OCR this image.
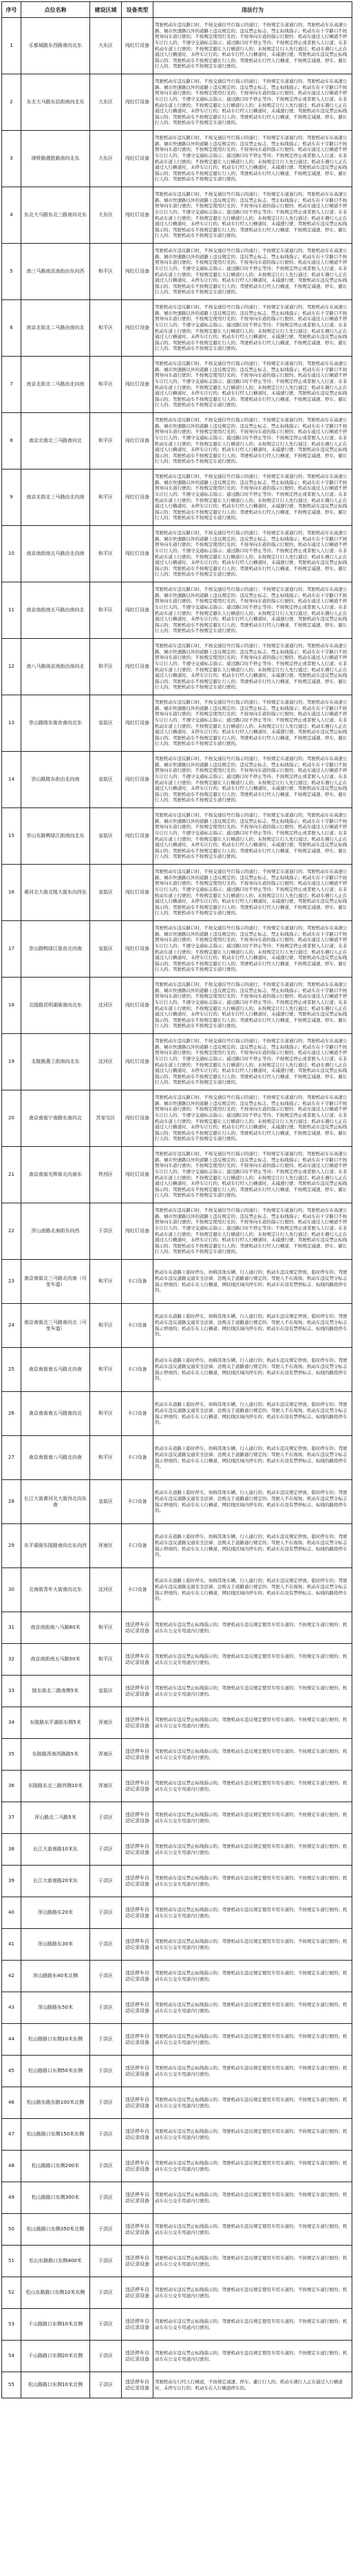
序号	点位名称	建设区域	设备类型	违法行为
1	乐都城路东西路南向北东	大东区	闯红灯设备	驾驶机动车违反路口时，不按交通信号灯指示的通行；不按规定车道通行的；驾驶机动车在高速公路、城市快速路以外的道路上违反规定的；违反禁止标志、禁止标线指示；机动车在十字路口不按照导向车道行驶的；不按规定使用灯光的；不按导向车道的指示行驶的；机动车通过人行横道不停车让行人的；不遵守交通标志指示；通过路口时不停止等待；不按规定停止或者驶入人行道；在非机动车道上行驶的；不按规定避让人行横道行人的；未按规定让行人先行通过；机动车遇行人正在通过人行横道时，未停车让行的；机动车行经人行横道时，未减速行驶；驾驶机动车违反禁止标线指示的；驾驶机动车不按规定避让行人的；驾驶机动车行经人行横道，不按规定减速、停车、避让行人的；驾驶机动车不按规定车道行驶的。
2	东北大马路东站街南向北东	大东区	闯红灯设备	驾驶机动车违反路口时，不按交通信号灯指示的通行；不按规定车道通行的；驾驶机动车在高速公路、城市快速路以外的道路上违反规定的；违反禁止标志、禁止标线指示；机动车在十字路口不按照导向车道行驶的；不按规定使用灯光的；不按导向车道的指示行驶的；机动车通过人行横道不停车让行人的；不遵守交通标志指示；通过路口时不停止等待；不按规定停止或者驶入人行道；在非机动车道上行驶的；不按规定避让人行横道行人的；未按规定让行人先行通过；机动车遇行人正在通过人行横道时，未停车让行的；机动车行经人行横道时，未减速行驶；驾驶机动车违反禁止标线指示的；驾驶机动车不按规定避让行人的；驾驶机动车行经人行横道，不按规定减速、停车、避让行人的；驾驶机动车不按规定车道行驶的。
3	津桥路德胜路南向北东	大东区	闯红灯设备	驾驶机动车违反路口时，不按交通信号灯指示的通行；不按规定车道通行的；驾驶机动车在高速公路、城市快速路以外的道路上违反规定的；违反禁止标志、禁止标线指示；机动车在十字路口不按照导向车道行驶的；不按规定使用灯光的；不按导向车道的指示行驶的；机动车通过人行横道不停车让行人的；不遵守交通标志指示；通过路口时不停止等待；不按规定停止或者驶入人行道；在非机动车道上行驶的；不按规定避让人行横道行人的；未按规定让行人先行通过；机动车遇行人正在通过人行横道时，未停车让行的；机动车行经人行横道时，未减速行驶；驾驶机动车违反禁止标线指示的；驾驶机动车不按规定避让行人的；驾驶机动车行经人行横道，不按规定减速、停车、避让行人的；驾驶机动车不按规定车道行驶的。
4	东北大马路东北三路南向北东	大东区	闯红灯设备	驾驶机动车违反路口时，不按交通信号灯指示的通行；不按规定车道通行的；驾驶机动车在高速公路、城市快速路以外的道路上违反规定的；违反禁止标志、禁止标线指示；机动车在十字路口不按照导向车道行驶的；不按规定使用灯光的；不按导向车道的指示行驶的；机动车通过人行横道不停车让行人的；不遵守交通标志指示；通过路口时不停止等待；不按规定停止或者驶入人行道；在非机动车道上行驶的；不按规定避让人行横道行人的；未按规定让行人先行通过；机动车遇行人正在通过人行横道时，未停车让行的；机动车行经人行横道时，未减速行驶；驾驶机动车违反禁止标线指示的；驾驶机动车不按规定避让行人的；驾驶机动车行经人行横道，不按规定减速、停车、避让行人的；驾驶机动车不按规定车道行驶的。
5	南三马路南京南街由东向西	和平区	闯红灯设备	驾驶机动车违反路口时，不按交通信号灯指示的通行；不按规定车道通行的；驾驶机动车在高速公路、城市快速路以外的道路上违反规定的；违反禁止标志、禁止标线指示；机动车在十字路口不按照导向车道行驶的；不按规定使用灯光的；不按导向车道的指示行驶的；机动车通过人行横道不停车让行人的；不遵守交通标志指示；通过路口时不停止等待；不按规定停止或者驶入人行道；在非机动车道上行驶的；不按规定避让人行横道行人的；未按规定让行人先行通过；机动车遇行人正在通过人行横道时，未停车让行的；机动车行经人行横道时，未减速行驶；驾驶机动车违反禁止标线指示的；驾驶机动车不按规定避让行人的；驾驶机动车行经人行横道，不按规定减速、停车、避让行人的；驾驶机动车不按规定车道行驶的。
6	南京北街北二马路由南向北	和平区	闯红灯设备	驾驶机动车违反路口时，不按交通信号灯指示的通行；不按规定车道通行的；驾驶机动车在高速公路、城市快速路以外的道路上违反规定的；违反禁止标志、禁止标线指示；机动车在十字路口不按照导向车道行驶的；不按规定使用灯光的；不按导向车道的指示行驶的；机动车通过人行横道不停车让行人的；不遵守交通标志指示；通过路口时不停止等待；不按规定停止或者驶入人行道；在非机动车道上行驶的；不按规定避让人行横道行人的；未按规定让行人先行通过；机动车遇行人正在通过人行横道时，未停车让行的；机动车行经人行横道时，未减速行驶；驾驶机动车违反禁止标线指示的；驾驶机动车不按规定避让行人的；驾驶机动车行经人行横道，不按规定减速、停车、避让行人的；驾驶机动车不按规定车道行驶的。
7	南京北街北二马路由北向南	和平区	闯红灯设备	驾驶机动车违反路口时，不按交通信号灯指示的通行；不按规定车道通行的；驾驶机动车在高速公路、城市快速路以外的道路上违反规定的；违反禁止标志、禁止标线指示；机动车在十字路口不按照导向车道行驶的；不按规定使用灯光的；不按导向车道的指示行驶的；机动车通过人行横道不停车让行人的；不遵守交通标志指示；通过路口时不停止等待；不按规定停止或者驶入人行道；在非机动车道上行驶的；不按规定避让人行横道行人的；未按规定让行人先行通过；机动车遇行人正在通过人行横道时，未停车让行的；机动车行经人行横道时，未减速行驶；驾驶机动车违反禁止标线指示的；驾驶机动车不按规定避让行人的；驾驶机动车行经人行横道，不按规定减速、停车、避让行人的；驾驶机动车不按规定车道行驶的。
8	南京北街北三马路南向北	和平区	闯红灯设备	驾驶机动车违反路口时，不按交通信号灯指示的通行；不按规定车道通行的；驾驶机动车在高速公路、城市快速路以外的道路上违反规定的；违反禁止标志、禁止标线指示；机动车在十字路口不按照导向车道行驶的；不按规定使用灯光的；不按导向车道的指示行驶的；机动车通过人行横道不停车让行人的；不遵守交通标志指示；通过路口时不停止等待；不按规定停止或者驶入人行道；在非机动车道上行驶的；不按规定避让人行横道行人的；未按规定让行人先行通过；机动车遇行人正在通过人行横道时，未停车让行的；机动车行经人行横道时，未减速行驶；驾驶机动车违反禁止标线指示的；驾驶机动车不按规定避让行人的；驾驶机动车行经人行横道，不按规定减速、停车、避让行人的；驾驶机动车不按规定车道行驶的。
9	南京北街北三马路由北向南	和平区	闯红灯设备	驾驶机动车违反路口时，不按交通信号灯指示的通行；不按规定车道通行的；驾驶机动车在高速公路、城市快速路以外的道路上违反规定的；违反禁止标志、禁止标线指示；机动车在十字路口不按照导向车道行驶的；不按规定使用灯光的；不按导向车道的指示行驶的；机动车通过人行横道不停车让行人的；不遵守交通标志指示；通过路口时不停止等待；不按规定停止或者驶入人行道；在非机动车道上行驶的；不按规定避让人行横道行人的；未按规定让行人先行通过；机动车遇行人正在通过人行横道时，未停车让行的；机动车行经人行横道时，未减速行驶；驾驶机动车违反禁止标线指示的；驾驶机动车不按规定避让行人的；驾驶机动车行经人行横道，不按规定减速、停车、避让行人的；驾驶机动车不按规定车道行驶的。
10	南京南街南五马路由北向南	和平区	闯红灯设备	驾驶机动车违反路口时，不按交通信号灯指示的通行；不按规定车道通行的；驾驶机动车在高速公路、城市快速路以外的道路上违反规定的；违反禁止标志、禁止标线指示；机动车在十字路口不按照导向车道行驶的；不按规定使用灯光的；不按导向车道的指示行驶的；机动车通过人行横道不停车让行人的；不遵守交通标志指示；通过路口时不停止等待；不按规定停止或者驶入人行道；在非机动车道上行驶的；不按规定避让人行横道行人的；未按规定让行人先行通过；机动车遇行人正在通过人行横道时，未停车让行的；机动车行经人行横道时，未减速行驶；驾驶机动车违反禁止标线指示的；驾驶机动车不按规定避让行人的；驾驶机动车行经人行横道，不按规定减速、停车、避让行人的；驾驶机动车不按规定车道行驶的。
11	南京南街南五马路由南向北	和平区	闯红灯设备	驾驶机动车违反路口时，不按交通信号灯指示的通行；不按规定车道通行的；驾驶机动车在高速公路、城市快速路以外的道路上违反规定的；违反禁止标志、禁止标线指示；机动车在十字路口不按照导向车道行驶的；不按规定使用灯光的；不按导向车道的指示行驶的；机动车通过人行横道不停车让行人的；不遵守交通标志指示；通过路口时不停止等待；不按规定停止或者驶入人行道；在非机动车道上行驶的；不按规定避让人行横道行人的；未按规定让行人先行通过；机动车遇行人正在通过人行横道时，未停车让行的；机动车行经人行横道时，未减速行驶；驾驶机动车违反禁止标线指示的；驾驶机动车不按规定避让行人的；驾驶机动车行经人行横道，不按规定减速、停车、避让行人的；驾驶机动车不按规定车道行驶的。
12	南八马路南京南街由南向北	和平区	闯红灯设备	驾驶机动车违反路口时，不按交通信号灯指示的通行；不按规定车道通行的；驾驶机动车在高速公路、城市快速路以外的道路上违反规定的；违反禁止标志、禁止标线指示；机动车在十字路口不按照导向车道行驶的；不按规定使用灯光的；不按导向车道的指示行驶的；机动车通过人行横道不停车让行人的；不遵守交通标志指示；通过路口时不停止等待；不按规定停止或者驶入人行道；在非机动车道上行驶的；不按规定避让人行横道行人的；未按规定让行人先行通过；机动车遇行人正在通过人行横道时，未停车让行的；机动车行经人行横道时，未减速行驶；驾驶机动车违反禁止标线指示的；驾驶机动车不按规定避让行人的；驾驶机动车行经人行横道，不按规定减速、停车、避让行人的；驾驶机动车不按规定车道行驶的。
13	崇山路陵东街由南向北东	皇姑区	闯红灯设备	驾驶机动车违反路口时，不按交通信号灯指示的通行；不按规定车道通行的；驾驶机动车在高速公路、城市快速路以外的道路上违反规定的；违反禁止标志、禁止标线指示；机动车在十字路口不按照导向车道行驶的；不按规定使用灯光的；不按导向车道的指示行驶的；机动车通过人行横道不停车让行人的；不遵守交通标志指示；通过路口时不停止等待；不按规定停止或者驶入人行道；在非机动车道上行驶的；不按规定避让人行横道行人的；未按规定让行人先行通过；机动车遇行人正在通过人行横道时，未停车让行的；机动车行经人行横道时，未减速行驶；驾驶机动车违反禁止标线指示的；驾驶机动车不按规定避让行人的；驾驶机动车行经人行横道，不按规定减速、停车、避让行人的；驾驶机动车不按规定车道行驶的。
14	崇山路陵东街由北向南	皇姑区	闯红灯设备	驾驶机动车违反路口时，不按交通信号灯指示的通行；不按规定车道通行的；驾驶机动车在高速公路、城市快速路以外的道路上违反规定的；违反禁止标志、禁止标线指示；机动车在十字路口不按照导向车道行驶的；不按规定使用灯光的；不按导向车道的指示行驶的；机动车通过人行横道不停车让行人的；不遵守交通标志指示；通过路口时不停止等待；不按规定停止或者驶入人行道；在非机动车道上行驶的；不按规定避让人行横道行人的；未按规定让行人先行通过；机动车遇行人正在通过人行横道时，未停车让行的；机动车行经人行横道时，未减速行驶；驾驶机动车违反禁止标线指示的；驾驶机动车不按规定避让行人的；驾驶机动车行经人行横道，不按规定减速、停车、避让行人的；驾驶机动车不按规定车道行驶的。
15	崇山东路鸭绿江街南向北东	皇姑区	闯红灯设备	驾驶机动车违反路口时，不按交通信号灯指示的通行；不按规定车道通行的；驾驶机动车在高速公路、城市快速路以外的道路上违反规定的；违反禁止标志、禁止标线指示；机动车在十字路口不按照导向车道行驶的；不按规定使用灯光的；不按导向车道的指示行驶的；机动车通过人行横道不停车让行人的；不遵守交通标志指示；通过路口时不停止等待；不按规定停止或者驶入人行道；在非机动车道上行驶的；不按规定避让人行横道行人的；未按规定让行人先行通过；机动车遇行人正在通过人行横道时，未停车让行的；机动车行经人行横道时，未减速行驶；驾驶机动车违反禁止标线指示的；驾驶机动车不按规定避让行人的；驾驶机动车行经人行横道，不按规定减速、停车、避让行人的；驾驶机动车不按规定车道行驶的。
16	黄河北大街北陵大街东向西东	皇姑区	闯红灯设备	驾驶机动车违反路口时，不按交通信号灯指示的通行；不按规定车道通行的；驾驶机动车在高速公路、城市快速路以外的道路上违反规定的；违反禁止标志、禁止标线指示；机动车在十字路口不按照导向车道行驶的；不按规定使用灯光的；不按导向车道的指示行驶的；机动车通过人行横道不停车让行人的；不遵守交通标志指示；通过路口时不停止等待；不按规定停止或者驶入人行道；在非机动车道上行驶的；不按规定避让人行横道行人的；未按规定让行人先行通过；机动车遇行人正在通过人行横道时，未停车让行的；机动车行经人行横道时，未减速行驶；驾驶机动车违反禁止标线指示的；驾驶机动车不按规定避让行人的；驾驶机动车行经人行横道，不按规定减速、停车、避让行人的；驾驶机动车不按规定车道行驶的。
17	崇山路鸭绿江街由北向南	皇姑区	闯红灯设备	驾驶机动车违反路口时，不按交通信号灯指示的通行；不按规定车道通行的；驾驶机动车在高速公路、城市快速路以外的道路上违反规定的；违反禁止标志、禁止标线指示；机动车在十字路口不按照导向车道行驶的；不按规定使用灯光的；不按导向车道的指示行驶的；机动车通过人行横道不停车让行人的；不遵守交通标志指示；通过路口时不停止等待；不按规定停止或者驶入人行道；在非机动车道上行驶的；不按规定避让人行横道行人的；未按规定让行人先行通过；机动车遇行人正在通过人行横道时，未停车让行的；机动车行经人行横道时，未减速行驶；驾驶机动车违反禁止标线指示的；驾驶机动车不按规定避让行人的；驾驶机动车行经人行横道，不按规定减速、停车、避让行人的；驾驶机动车不按规定车道行驶的。
18	北陵路昆明湖街南向北东	沈河区	闯红灯设备	驾驶机动车违反路口时，不按交通信号灯指示的通行；不按规定车道通行的；驾驶机动车在高速公路、城市快速路以外的道路上违反规定的；违反禁止标志、禁止标线指示；机动车在十字路口不按照导向车道行驶的；不按规定使用灯光的；不按导向车道的指示行驶的；机动车通过人行横道不停车让行人的；不遵守交通标志指示；通过路口时不停止等待；不按规定停止或者驶入人行道；在非机动车道上行驶的；不按规定避让人行横道行人的；未按规定让行人先行通过；机动车遇行人正在通过人行横道时，未停车让行的；机动车行经人行横道时，未减速行驶；驾驶机动车违反禁止标线指示的；驾驶机动车不按规定避让行人的；驾驶机动车行经人行横道，不按规定减速、停车、避让行人的；驾驶机动车不按规定车道行驶的。
19	北陵路惠工街南向北东	沈河区	闯红灯设备	驾驶机动车违反路口时，不按交通信号灯指示的通行；不按规定车道通行的；驾驶机动车在高速公路、城市快速路以外的道路上违反规定的；违反禁止标志、禁止标线指示；机动车在十字路口不按照导向车道行驶的；不按规定使用灯光的；不按导向车道的指示行驶的；机动车通过人行横道不停车让行人的；不遵守交通标志指示；通过路口时不停止等待；不按规定停止或者驶入人行道；在非机动车道上行驶的；不按规定避让人行横道行人的；未按规定让行人先行通过；机动车遇行人正在通过人行横道时，未停车让行的；机动车行经人行横道时，未减速行驶；驾驶机动车违反禁止标线指示的；驾驶机动车不按规定避让行人的；驾驶机动车行经人行横道，不按规定减速、停车、避让行人的；驾驶机动车不按规定车道行驶的。
20	南京南街宁南路东南向北	苏家屯区	闯红灯设备	驾驶机动车违反路口时，不按交通信号灯指示的通行；不按规定车道通行的；驾驶机动车在高速公路、城市快速路以外的道路上违反规定的；违反禁止标志、禁止标线指示；机动车在十字路口不按照导向车道行驶的；不按规定使用灯光的；不按导向车道的指示行驶的；机动车通过人行横道不停车让行人的；不遵守交通标志指示；通过路口时不停止等待；不按规定停止或者驶入人行道；在非机动车道上行驶的；不按规定避让人行横道行人的；未按规定让行人先行通过；机动车遇行人正在通过人行横道时，未停车让行的；机动车行经人行横道时，未减速行驶；驾驶机动车违反禁止标线指示的；驾驶机动车不按规定避让行人的；驾驶机动车行经人行横道，不按规定减速、停车、避让行人的；驾驶机动车不按规定车道行驶的。
21	南京南街光辉街北向南东	铁西区	闯红灯设备	驾驶机动车违反路口时，不按交通信号灯指示的通行；不按规定车道通行的；驾驶机动车在高速公路、城市快速路以外的道路上违反规定的；违反禁止标志、禁止标线指示；机动车在十字路口不按照导向车道行驶的；不按规定使用灯光的；不按导向车道的指示行驶的；机动车通过人行横道不停车让行人的；不遵守交通标志指示；通过路口时不停止等待；不按规定停止或者驶入人行道；在非机动车道上行驶的；不按规定避让人行横道行人的；未按规定让行人先行通过；机动车遇行人正在通过人行横道时，未停车让行的；机动车行经人行横道时，未减速行驶；驾驶机动车违反禁止标线指示的；驾驶机动车不按规定避让行人的；驾驶机动车行经人行横道，不按规定减速、停车、避让行人的；驾驶机动车不按规定车道行驶的。
22	浑山南路北海街东向西	于洪区	闯红灯设备	驾驶机动车违反路口时，不按交通信号灯指示的通行；不按规定车道通行的；驾驶机动车在高速公路、城市快速路以外的道路上违反规定的；违反禁止标志、禁止标线指示；机动车在十字路口不按照导向车道行驶的；不按规定使用灯光的；不按导向车道的指示行驶的；机动车通过人行横道不停车让行人的；不遵守交通标志指示；通过路口时不停止等待；不按规定停止或者驶入人行道；在非机动车道上行驶的；不按规定避让人行横道行人的；未按规定让行人先行通过；机动车遇行人正在通过人行横道时，未停车让行的；机动车行经人行横道时，未减速行驶；驾驶机动车违反禁止标线指示的；驾驶机动车不按规定避让行人的；驾驶机动车行经人行横道，不按规定减速、停车、避让行人的；驾驶机动车不按规定车道行驶的。
23	南京南街北三马路北向南（可变车道）	和平区	卡口设备	机动车在道路上临时停车，妨碍其他车辆、行人通行的；机动车违反规定停放、临时停车的；驾驶机动车违反道路交通安全法律、法规关于道路通行规定的；驾驶人不在现场；机动车违反禁令标志指示停放的；机动车在人行横道、网状线区域内停车的；机动车在设有禁停标志、标线的路段停车的。
24	南京南街北三马路南向北（可变车道）	和平区	卡口设备	机动车在道路上临时停车，妨碍其他车辆、行人通行的；机动车违反规定停放、临时停车的；驾驶机动车违反道路交通安全法律、法规关于道路通行规定的；驾驶人不在现场；机动车违反禁令标志指示停放的；机动车在人行横道、网状线区域内停车的；机动车在设有禁停标志、标线的路段停车的。
25	南京南街南五马路北向南	和平区	卡口设备	机动车在道路上临时停车，妨碍其他车辆、行人通行的；机动车违反规定停放、临时停车的；驾驶机动车违反道路交通安全法律、法规关于道路通行规定的；驾驶人不在现场；机动车违反禁令标志指示停放的；机动车在人行横道、网状线区域内停车的；机动车在设有禁停标志、标线的路段停车的。
26	南京南街南五马路南向北	和平区	卡口设备	机动车在道路上临时停车，妨碍其他车辆、行人通行的；机动车违反规定停放、临时停车的；驾驶机动车违反道路交通安全法律、法规关于道路通行规定的；驾驶人不在现场；机动车违反禁令标志指示停放的；机动车在人行横道、网状线区域内停车的；机动车在设有禁停标志、标线的路段停车的。
27	南京南街南八马路北向南	和平区	卡口设备	机动车在道路上临时停车，妨碍其他车辆、行人通行的；机动车违反规定停放、临时停车的；驾驶机动车违反道路交通安全法律、法规关于道路通行规定的；驾驶人不在现场；机动车违反禁令标志指示停放的；机动车在人行横道、网状线区域内停车的；机动车在设有禁停标志、标线的路段停车的。
28	长江大街黄河北大街西北向东南	皇姑区	卡口设备	机动车在道路上临时停车，妨碍其他车辆、行人通行的；机动车违反规定停放、临时停车的；驾驶机动车违反道路交通安全法律、法规关于道路通行规定的；驾驶人不在现场；机动车违反禁令标志指示停放的；机动车在人行横道、网状线区域内停车的；机动车在设有禁停标志、标线的路段停车的。
29	东平湖街东陵路南向北东向西	浑南区	卡口设备	机动车在道路上临时停车，妨碍其他车辆、行人通行的；机动车违反规定停放、临时停车的；驾驶机动车违反道路交通安全法律、法规关于道路通行规定的；驾驶人不在现场；机动车违反禁令标志指示停放的；机动车在人行横道、网状线区域内停车的；机动车在设有禁停标志、标线的路段停车的。
30	北海街青年大街南向北东	沈河区	卡口设备	机动车在道路上临时停车，妨碍其他车辆、行人通行的；机动车违反规定停放、临时停车的；驾驶机动车违反道路交通安全法律、法规关于道路通行规定的；驾驶人不在现场；机动车违反禁令标志指示停放的；机动车在人行横道、网状线区域内停车的；机动车在设有禁停标志、标线的路段停车的。
31	南京南街南八马路80米	和平区	违法停车自动记录设备	驾驶机动车违反禁止标线指示的；驾驶机动车违反规定使用专用车道的；不按规定车道行驶的；机动车在公交专用道内行驶的。
32	南京南街南五马路50米	和平区	违法停车自动记录设备	驾驶机动车违反禁止标线指示的；驾驶机动车违反规定使用专用车道的；不按规定车道行驶的；机动车在公交专用道内行驶的。
33	陵东街北二路南侧5米	皇姑区	违法停车自动记录设备	驾驶机动车违反禁止标线指示的；驾驶机动车违反规定使用专用车道的；不按规定车道行驶的；机动车在公交专用道内行驶的。
34	东陵路东平湖街东侧5米	浑南区	违法停车自动记录设备	驾驶机动车违反禁止标线指示的；驾驶机动车违反规定使用专用车道的；不按规定车道行驶的；机动车在公交专用道内行驶的。
35	东陵路浑南西路路5米	浑南区	违法停车自动记录设备	驾驶机动车违反禁止标线指示的；驾驶机动车违反规定使用专用车道的；不按规定车道行驶的；机动车在公交专用道内行驶的。
36	东陵路东北三路西侧10米	浑南区	违法停车自动记录设备	驾驶机动车违反禁止标线指示的；驾驶机动车违反规定使用专用车道的；不按规定车道行驶的；机动车在公交专用道内行驶的。
37	浑山路北二马路5米	于洪区	违法停车自动记录设备	驾驶机动车违反禁止标线指示的；驾驶机动车违反规定使用专用车道的；不按规定车道行驶的；机动车在公交专用道内行驶的。
38	长江大街南路10米东	于洪区	违法停车自动记录设备	驾驶机动车违反禁止标线指示的；驾驶机动车违反规定使用专用车道的；不按规定车道行驶的；机动车在公交专用道内行驶的。
39	长江大街南路20米东	于洪区	违法停车自动记录设备	驾驶机动车违反禁止标线指示的；驾驶机动车违反规定使用专用车道的；不按规定车道行驶的；机动车在公交专用道内行驶的。
40	浑山路路东20米	于洪区	违法停车自动记录设备	驾驶机动车违反禁止标线指示的；驾驶机动车违反规定使用专用车道的；不按规定车道行驶的；机动车在公交专用道内行驶的。
41	浑山路路东30米	于洪区	违法停车自动记录设备	驾驶机动车违反禁止标线指示的；驾驶机动车违反规定使用专用车道的；不按规定车道行驶的；机动车在公交专用道内行驶的。
42	浑山路路东40米北侧	于洪区	违法停车自动记录设备	驾驶机动车违反禁止标线指示的；驾驶机动车违反规定使用专用车道的；不按规定车道行驶的；机动车在公交专用道内行驶的。
43	浑山路路东50米	于洪区	违法停车自动记录设备	驾驶机动车违反禁止标线指示的；驾驶机动车违反规定使用专用车道的；不按规定车道行驶的；机动车在公交专用道内行驶的。
44	松山路路口东侧10米东侧	于洪区	违法停车自动记录设备	驾驶机动车违反禁止标线指示的；驾驶机动车违反规定使用专用车道的；不按规定车道行驶的；机动车在公交专用道内行驶的。
45	松山路路口东侧50米东侧	于洪区	违法停车自动记录设备	驾驶机动车违反禁止标线指示的；驾驶机动车违反规定使用专用车道的；不按规定车道行驶的；机动车在公交专用道内行驶的。
46	松山路东路东路100米北侧	于洪区	违法停车自动记录设备	驾驶机动车违反禁止标线指示的；驾驶机动车违反规定使用专用车道的；不按规定车道行驶的；机动车在公交专用道内行驶的。
47	松山路路口东侧150米东侧	于洪区	违法停车自动记录设备	驾驶机动车违反禁止标线指示的；驾驶机动车违反规定使用专用车道的；不按规定车道行驶的；机动车在公交专用道内行驶的。
48	松山路路口东侧200米	于洪区	违法停车自动记录设备	驾驶机动车违反禁止标线指示的；驾驶机动车违反规定使用专用车道的；不按规定车道行驶的；机动车在公交专用道内行驶的。
49	松山路路口东侧300米	于洪区	违法停车自动记录设备	驾驶机动车违反禁止标线指示的；驾驶机动车违反规定使用专用车道的；不按规定车道行驶的；机动车在公交专用道内行驶的。
50	松山路路口东侧350米北侧	于洪区	违法停车自动记录设备	驾驶机动车违反禁止标线指示的；驾驶机动车违反规定使用专用车道的；不按规定车道行驶的；机动车在公交专用道内行驶的。
51	松山东路路口东侧400米	于洪区	违法停车自动记录设备	驾驶机动车违反禁止标线指示的；驾驶机动车违反规定使用专用车道的；不按规定车道行驶的；机动车在公交专用道内行驶的。
52	松山东路路口东侧10米东侧	于洪区	违法停车自动记录设备	驾驶机动车违反禁止标线指示的；驾驶机动车违反规定使用专用车道的；不按规定车道行驶的；机动车在公交专用道内行驶的。
53	千山路路口东侧10米北侧	于洪区	违法停车自动记录设备	驾驶机动车违反禁止标线指示的；驾驶机动车违反规定使用专用车道的；不按规定车道行驶的；机动车在公交专用道内行驶的。
54	千山路路口东侧20米北侧	于洪区	违法停车自动记录设备	驾驶机动车违反禁止标线指示的；驾驶机动车违反规定使用专用车道的；不按规定车道行驶的；机动车在公交专用道内行驶的。
55	松山路路口东侧10米北侧	于洪区	违法停车自动记录设备	驾驶机动车行经人行横道，不按规定减速、停车、避让行人的；机动车遇行人正在通过人行横道时，未停车让行的；机动车在人行横道停车的。
